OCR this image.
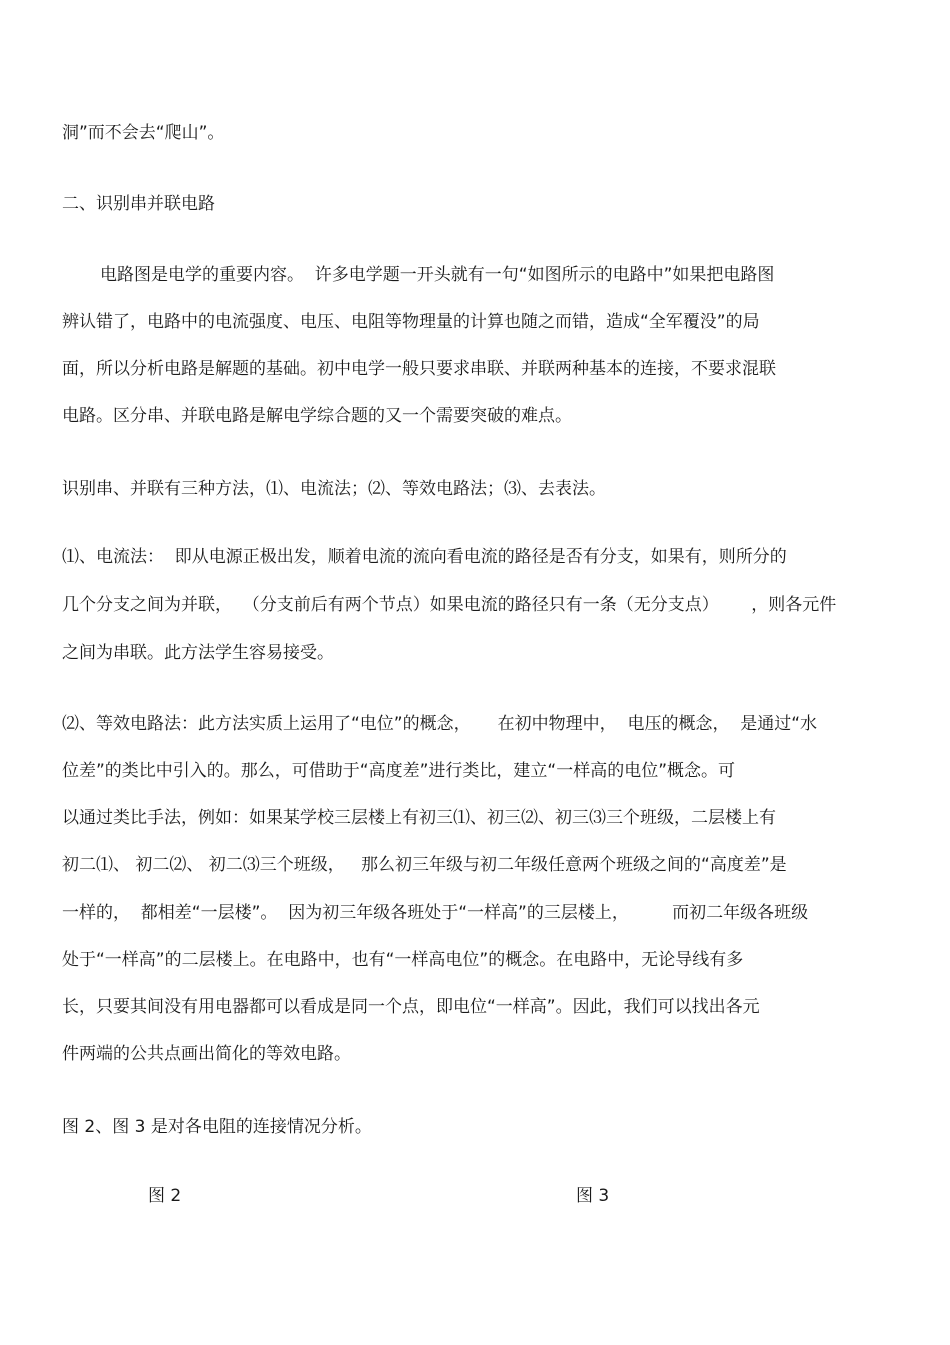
洞”而不会去“爬山”。
二、识别串并联电路
电路图是电学的重要内容。  许多电学题一开头就有一句“如图所示的电路中”如果把电路图
辨认错了，电路中的电流强度、电压、电阻等物理量的计算也随之而错，造成“全军覆没”的局
面，所以分析电路是解题的基础。初中电学一般只要求串联、并联两种基本的连接，不要求混联
电路。区分串、并联电路是解电学综合题的又一个需要突破的难点。
识别串、并联有三种方法，⑴、电流法；⑵、等效电路法；⑶、去表法。
⑴、电流法：  即从电源正极出发，顺着电流的流向看电流的路径是否有分支，如果有，则所分的
几个分支之间为并联，  （分支前后有两个节点）如果电流的路径只有一条（无分支点）      ，则各元件
之间为串联。此方法学生容易接受。
⑵、等效电路法：此方法实质上运用了“电位”的概念，     在初中物理中，  电压的概念，  是通过“水
位差”的类比中引入的。那么，可借助于“高度差”进行类比，建立“一样高的电位”概念。可
以通过类比手法，例如：如果某学校三层楼上有初三⑴、初三⑵、初三⑶三个班级，二层楼上有
初二⑴、 初二⑵、 初二⑶三个班级，   那么初三年级与初二年级任意两个班级之间的“高度差”是
一样的，  都相差“一层楼”。  因为初三年级各班处于“一样高”的三层楼上，        而初二年级各班级
处于“一样高”的二层楼上。在电路中，也有“一样高电位”的概念。在电路中，无论导线有多
长，只要其间没有用电器都可以看成是同一个点，即电位“一样高”。因此，我们可以找出各元
件两端的公共点画出简化的等效电路。
图 2、图 3 是对各电阻的连接情况分析。
图 2	图 3
